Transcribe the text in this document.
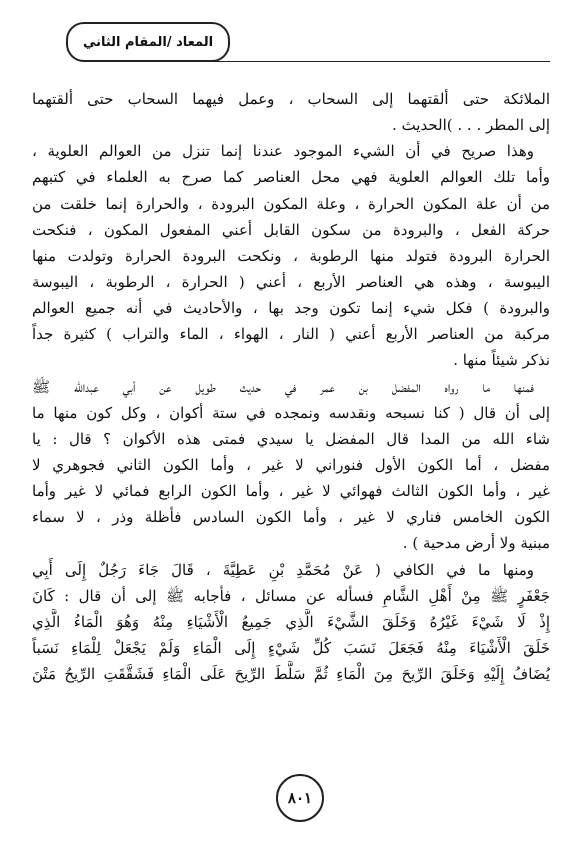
المعاد /المقام الثاني
الملائكة حتى ألقتهما إلى السحاب ، وعمل فيهما السحاب حتى ألقتهما
إلى المطر . . . )الحديث .
وهذا صريح في أن الشيء الموجود عندنا إنما تنزل من العوالم العلوية ،
وأما تلك العوالم العلوية فهي محل العناصر كما صرح به العلماء في كتبهم
من أن علة المكون الحرارة ، وعلة المكون البرودة ، والحرارة إنما خلقت من
حركة الفعل ، والبرودة من سكون القابل أعني المفعول المكون ، فنكحت
الحرارة البرودة فتولد منها الرطوبة ، ونكحت البرودة الحرارة وتولدت منها
اليبوسة ، وهذه هي العناصر الأربع ، أعني ( الحرارة ، الرطوبة ، اليبوسة
والبرودة ) فكل شيء إنما تكون وجد بها ، والأحاديث في أنه جميع العوالم
مركبة من العناصر الأربع أعني ( النار ، الهواء ، الماء والتراب ) كثيرة جداً
نذكر شيئاً منها .
فمنها ما رواه المفضل بن عمر في حديث طويل عن أبي عبدالله ﷺ
إلى أن قال ( كنا نسبحه ونقدسه ونمجده في ستة أكوان ، وكل كون منها ما
شاء الله من المدا قال المفضل يا سيدي فمتى هذه الأكوان ؟ قال : يا
مفضل ، أما الكون الأول فنوراني لا غير ، وأما الكون الثاني فجوهري لا
غير ، وأما الكون الثالث فهوائي لا غير ، وأما الكون الرابع فمائي لا غير وأما
الكون الخامس فناري لا غير ، وأما الكون السادس فأظلة وذر ، لا سماء
مبنية ولا أرض مدحية ) .
ومنها ما في الكافي ( عَنْ مُحَمَّدِ بْنِ عَطِيَّةَ ، قَالَ جَاءَ رَجُلٌ إِلَى أَبِي
جَعْفَرٍ ﷺ مِنْ أَهْلِ الشَّامِ فسأله عن مسائل ، فأجابه ﷺ إلى أن قال : كَانَ
إِذْ لَا شَيْءَ غَيْرُهُ وَخَلَقَ الشَّيْءَ الَّذِي جَمِيعُ الْأَشْيَاءِ مِنْهُ وَهُوَ الْمَاءُ الَّذِي
خَلَقَ الْأَشْيَاءَ مِنْهُ فَجَعَلَ نَسَبَ كُلِّ شَيْءٍ إِلَى الْمَاءِ وَلَمْ يَجْعَلْ لِلْمَاءِ نَسَباً
يُضَافُ إِلَيْهِ وَخَلَقَ الرِّيحَ مِنَ الْمَاءِ ثُمَّ سَلَّطَ الرِّيحَ عَلَى الْمَاءِ فَشَقَّقَتِ الرِّيحُ مَتْنَ
٨٠١
